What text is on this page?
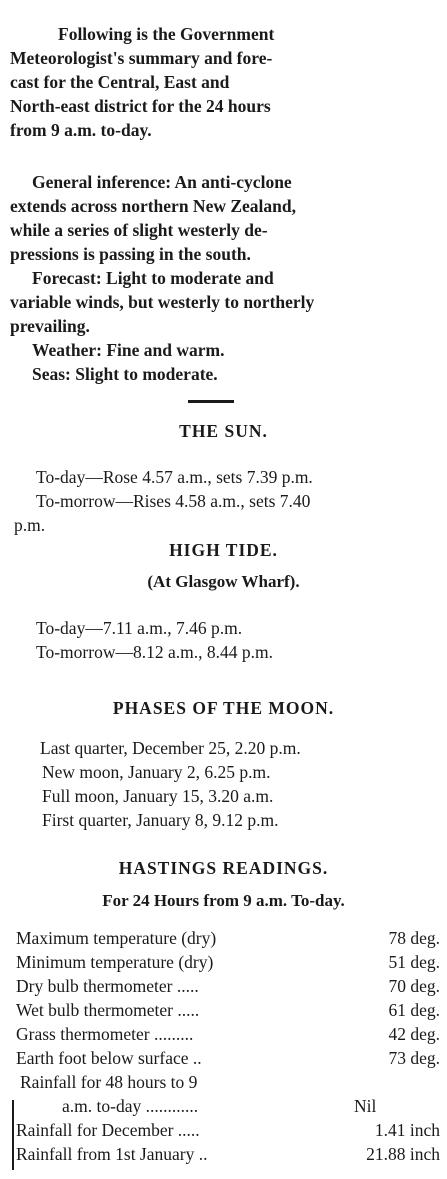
Following is the Government

Meteorologist's summary and fore-

cast for the Central, East and

North-east district for the 24 hours

from 9 a.m. to-day.

General inference: An anti-cyclone
extends across northern New Zealand,
while a series of slight westerly de-
pressions is passing in the south.
Forecast: Light to moderate and
variable winds, but westerly to northerly
prevailing.
Weather: Fine and warm.
Seas: Slight to moderate.
THE SUN.
To-day—Rose 4.57 a.m., sets 7.39 p.m.
To-morrow—Rises 4.58 a.m., sets 7.40
p.m.
HIGH TIDE.
(At Glasgow Wharf).
To-day—7.11 a.m., 7.46 p.m.
To-morrow—8.12 a.m., 8.44 p.m.
PHASES OF THE MOON.
Last quarter, December 25, 2.20 p.m.
New moon, January 2, 6.25 p.m.
Full moon, January 15, 3.20 a.m.
First quarter, January 8, 9.12 p.m.
HASTINGS READINGS.
For 24 Hours from 9 a.m. To-day.
Maximum temperature (dry)	78 deg.
Minimum temperature (dry)	51 deg.
Dry bulb thermometer .....	70 deg.
Wet bulb thermometer .....	61 deg.
Grass thermometer .........	42 deg.
Earth foot below surface ..	73 deg.
Rainfall for 48 hours to 9
a.m. to-day ............	Nil
Rainfall for December .....	1.41 inch
Rainfall from 1st January ..	21.88 inch
